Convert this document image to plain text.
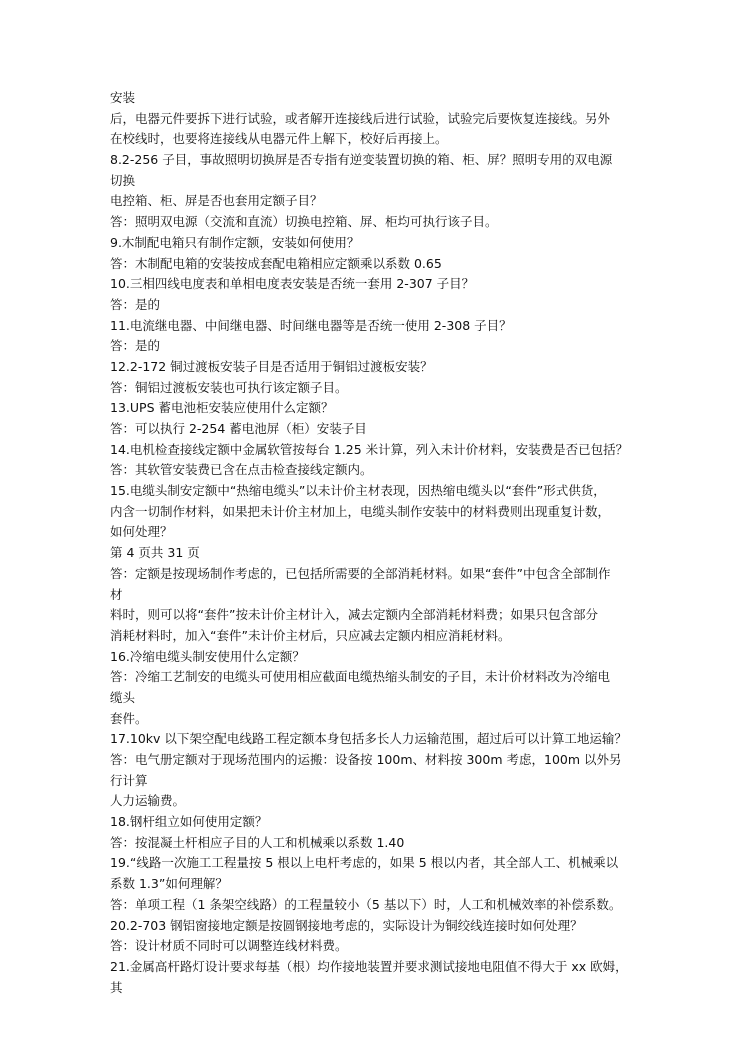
安装
后，电器元件要拆下进行试验，或者解开连接线后进行试验，试验完后要恢复连接线。另外
在校线时，也要将连接线从电器元件上解下，校好后再接上。
8.2-256 子目，事故照明切换屏是否专指有逆变装置切换的箱、柜、屏？照明专用的双电源
切换
电控箱、柜、屏是否也套用定额子目？
答：照明双电源（交流和直流）切换电控箱、屏、柜均可执行该子目。
9.木制配电箱只有制作定额，安装如何使用？
答：木制配电箱的安装按成套配电箱相应定额乘以系数 0.65
10.三相四线电度表和单相电度表安装是否统一套用 2-307 子目？
答：是的
11.电流继电器、中间继电器、时间继电器等是否统一使用 2-308 子目？
答：是的
12.2-172 铜过渡板安装子目是否适用于铜铝过渡板安装？
答：铜铝过渡板安装也可执行该定额子目。
13.UPS 蓄电池柜安装应使用什么定额？
答：可以执行 2-254 蓄电池屏（柜）安装子目
14.电机检查接线定额中金属软管按每台 1.25 米计算，列入未计价材料，安装费是否已包括？
答：其软管安装费已含在点击检查接线定额内。
15.电缆头制安定额中“热缩电缆头”以未计价主材表现，因热缩电缆头以“套件”形式供货，
内含一切制作材料，如果把未计价主材加上，电缆头制作安装中的材料费则出现重复计数，
如何处理？
第 4 页共 31 页
答：定额是按现场制作考虑的，已包括所需要的全部消耗材料。如果“套件”中包含全部制作
材
料时，则可以将“套件”按未计价主材计入，减去定额内全部消耗材料费；如果只包含部分
消耗材料时，加入“套件”未计价主材后，只应减去定额内相应消耗材料。
16.冷缩电缆头制安使用什么定额？
答：冷缩工艺制安的电缆头可使用相应截面电缆热缩头制安的子目，未计价材料改为冷缩电
缆头
套件。
17.10kv 以下架空配电线路工程定额本身包括多长人力运输范围，超过后可以计算工地运输？
答：电气册定额对于现场范围内的运搬：设备按 100m、材料按 300m 考虑，100m 以外另
行计算
人力运输费。
18.钢杆组立如何使用定额？
答：按混凝土杆相应子目的人工和机械乘以系数 1.40
19.“线路一次施工工程量按 5 根以上电杆考虑的，如果 5 根以内者，其全部人工、机械乘以
系数 1.3”如何理解？
答：单项工程（1 条架空线路）的工程量较小（5 基以下）时，人工和机械效率的补偿系数。
20.2-703 钢铝窗接地定额是按圆钢接地考虑的，实际设计为铜绞线连接时如何处理？
答：设计材质不同时可以调整连线材料费。
21.金属高杆路灯设计要求每基（根）均作接地装置并要求测试接地电阻值不得大于 xx 欧姆，
其
